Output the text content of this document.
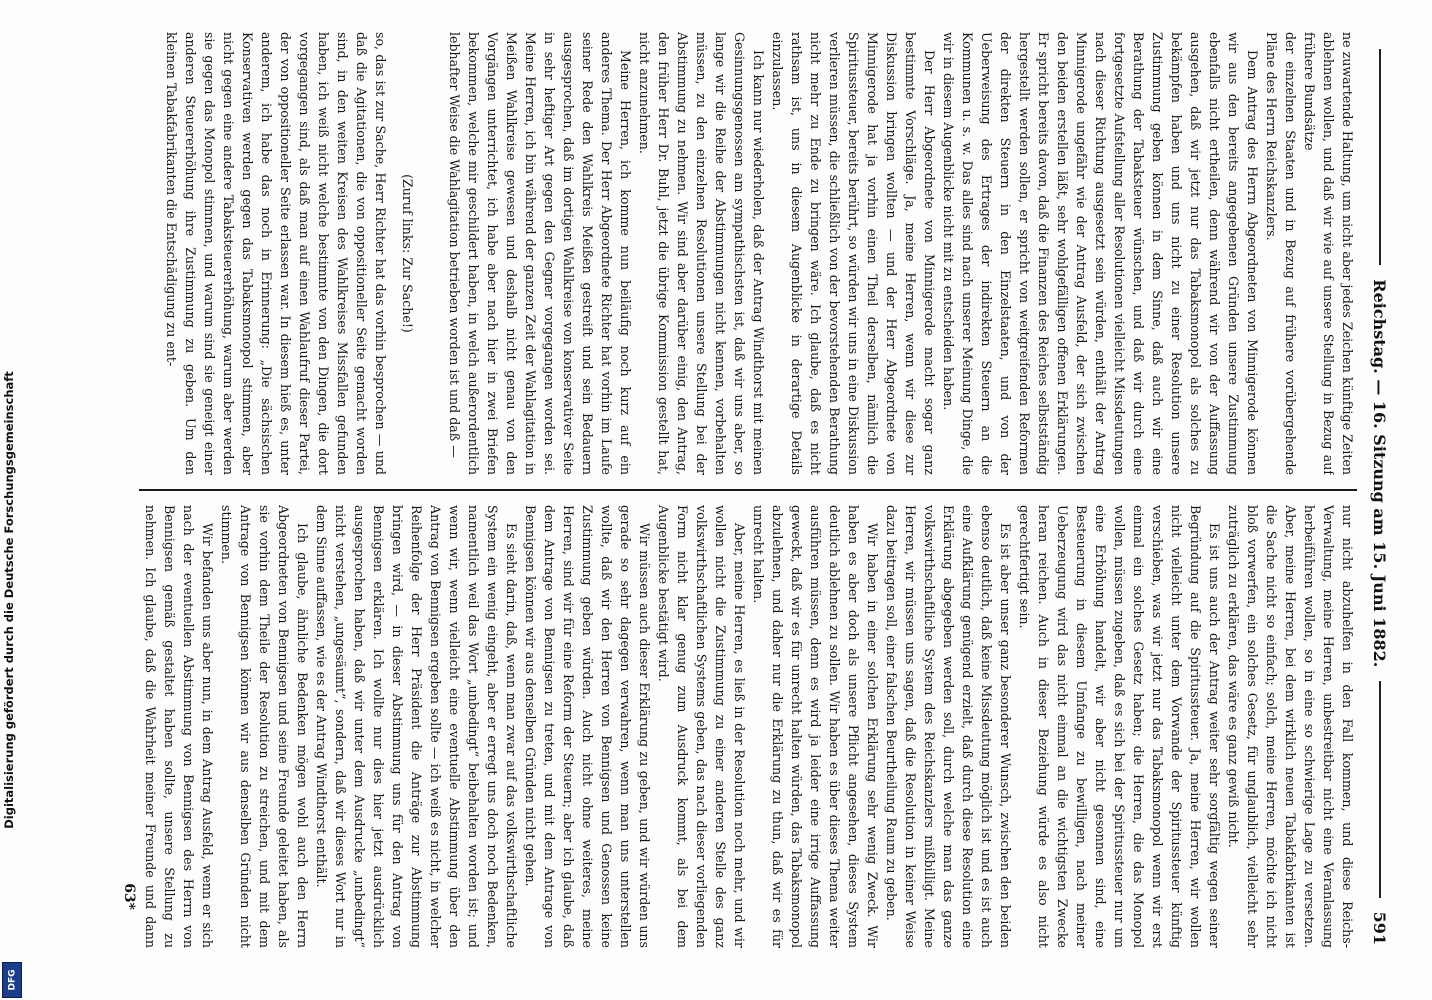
Reichstag. — 16. Sitzung am 15. Juni 1882.
591

ne zuwartende Haltung, um nicht aber jedes Zeichen künftige Zeiten ablehnen wollen, und daß wir wie auf unsere Stellung in Bezug auf frühere Bundsätze

der einzelnen Staaten und in Bezug auf frühere vorübergehende Pläne des Herrn Reichskanzlers.

Dem Antrag des Herrn Abgeordneten von Minnigerode können wir aus den bereits angegebenen Gründen unsere Zustimmung ebenfalls nicht ertheilen, denn während wir von der Auffassung ausgehen, daß wir jetzt nur das Tabaksmonopol als solches zu bekämpfen haben und uns nicht zu einer Resolution unsere Zustimmung geben können in dem Sinne, daß auch wir eine Berathung der Tabaksteuer wünschen, und daß wir durch eine fortgesetzte Aufstellung aller Resolutionen vielleicht Missdeutungen nach dieser Richtung ausgesetzt sein würden, enthält der Antrag Minnigerode ungefähr wie der Antrag Ausfeld, der sich zwischen den beiden erstellen läßt, sehr wohlgefälligen offenen Erklärungen. Er spricht bereits davon, daß die Finanzen des Reiches selbstständig hergestellt werden sollen, er spricht von weitgreifenden Reformen der direkten Steuern in den Einzelstaaten, und von der Ueberweisung des Ertrages der indirekten Steuern an die Kommunen u. s. w. Das alles sind nach unserer Meinung Dinge, die wir in diesem Augenblicke nicht mit zu entscheiden haben.

Der Herr Abgeordnete von Minnigerode macht sogar ganz bestimmte Vorschläge. Ja, meine Herren, wenn wir diese zur Diskussion bringen wollten — und der Herr Abgeordnete von Minnigerode hat ja vorhin einen Theil derselben, nämlich die Spiritussteuer, bereits berührt, so würden wir uns in eine Diskussion verlieren müssen, die schließlich von der bevorstehenden Berathung nicht mehr zu Ende zu bringen wäre. Ich glaube, daß es nicht rathsam ist, uns in diesem Augenblicke in derartige Details einzulassen.

Ich kann nur wiederholen, daß der Antrag Windthorst mit meinen Gesinnungsgenossen am sympathischsten ist, daß wir uns aber, so lange wir die Reihe der Abstimmungen nicht kennen, vorbehalten müssen, zu den einzelnen Resolutionen unsere Stellung bei der Abstimmung zu nehmen. Wir sind aber darüber einig, den Antrag, den früher Herr Dr. Buhl, jetzt die übrige Kommission gestellt hat, nicht anzunehmen.

Meine Herren, ich komme nun beiläufig noch kurz auf ein anderes Thema. Der Herr Abgeordnete Richter hat vorhin im Laufe seiner Rede den Wahlkreis Meißen gestreift und sein Bedauern ausgesprochen, daß im dortigen Wahlkreise von konservativer Seite in sehr heftiger Art gegen den Gegner vorgegangen worden sei. Meine Herren, ich bin während der ganzen Zeit der Wahlagitation in Meißen Wahlkreise gewesen und deshalb nicht genau von den Vorgängen unterrichtet, ich habe aber nach hier in zwei Briefen bekommen, welche mir geschildert haben, in welch außerordentlich lebhafter Weise die Wahlagitation betrieben worden ist und daß —

(Zuruf links: Zur Sache!)

so, das ist zur Sache, Herr Richter hat das vorhin besprochen — und daß die Agitationen, die von oppositioneller Seite gemacht worden sind, in den weiten Kreisen des Wahlkreises Missfallen gefunden haben, ich weiß nicht welche bestimmte von den Dingen, die dort vorgegangen sind, als daß man auf einen Wahlaufruf dieser Partei, der von oppositioneller Seite erlassen war. In diesem hieß es, unter anderem, ich habe das noch in Erinnerung: „Die sächsischen Konservativen werden gegen das Tabaksmonopol stimmen, aber nicht gegen eine andere Tabaksteuererhöhung, warum aber werden sie gegen das Monopol stimmen, und warum sind sie geneigt einer anderen Steuererhöhung ihre Zustimmung zu geben. Um den kleinen Tabakfabrikanten die Entschädigung zu ent-

nur nicht abzuhelfen in den Fall kommen, und diese Reichs-Verwaltung, meine Herren, unbestreitbar nicht eine Veranlassung herbeiführen wollen, so in eine so schwierige Lage zu versetzen. Aber, meine Herren, bei dem wirklich neuen Tabakfabrikanten ist die Sache nicht so einfach; solch, meine Herren, möchte ich nicht bloß vorwerfen, ein solches Gesetz, für unglaublich, vielleicht sehr zuträglich zu erklären, das wäre es ganz gewiß nicht.

Es ist uns auch der Antrag weiter sehr sorgfältig wegen seiner Begründung auf die Spiritussteuer. Ja, meine Herren, wir wollen nicht vielleicht unter dem Vorwande der Spiritussteuer künftig verschieben, was wir jetzt nur das Tabaksmonopol wenn wir erst einmal ein solches Gesetz haben; die Herren, die das Monopol wollen, müssen zugeben, daß es sich bei der Spiritussteuer nur um eine Erhöhung handelt, wir aber nicht gesonnen sind, eine Besteuerung in diesem Umfange zu bewilligen, nach meiner Ueberzeugung wird das nicht einmal an die wichtigsten Zwecke heran reichen. Auch in dieser Beziehung würde es also nicht gerechtfertigt sein.

Es ist aber unser ganz besonderer Wunsch, zwischen den beiden ebenso deutlich, daß keine Missdeutung möglich ist und es ist auch eine Aufklärung genügend erzielt, daß durch diese Resolution eine Erklärung abgegeben werden soll, durch welche man das ganze volkswirthschaftliche System des Reichskanzlers mißbilligt. Meine Herren, wir müssen uns sagen, daß die Resolution in keiner Weise dazu beitragen soll, einer falschen Beurtheilung Raum zu geben.

Wir haben in einer solchen Erklärung sehr wenig Zweck. Wir haben es aber doch als unsere Pflicht angesehen, dieses System deutlich ablehnen zu sollen. Wir haben es über dieses Thema weiter ausführen müssen, denn es wird ja leider eine irrige Auffassung geweckt, daß wir es für unrecht halten würden, das Tabaksmonopol abzulehnen, und daher nur die Erklärung zu thun, daß wir es für unrecht halten.

Aber, meine Herren, es ließ in der Resolution noch mehr, und wir wollen nicht die Zustimmung zu einer anderen Stelle des ganz volkswirthschaftlichen Systems geben, das nach dieser vorliegenden Form nicht klar genug zum Ausdruck kommt, als bei dem Augenblicke bestätigt wird.

Wir müssen auch dieser Erklärung zu geben, und wir würden uns gerade so sehr dagegen verwahren, wenn man uns unterstellen wollte, daß wir den Herren von Bennigsen und Genossen keine Zustimmung geben würden. Auch nicht ohne weiteres, meine Herren, sind wir für eine Reform der Steuern; aber ich glaube, daß dem Antrage von Bennigsen zu treten, und mit dem Antrage von Bennigsen können wir aus denselben Gründen nicht gehen.

Es sieht darin, daß, wenn man zwar auf das volkswirthschaftliche System ein wenig eingeht, aber er erregt uns doch noch Bedenken, namentlich weil das Wort „unbedingt“ beibehalten worden ist; und wenn wir, wenn vielleicht eine eventuelle Abstimmung über den Antrag von Bennigsen ergeben sollte — ich weiß es nicht, in welcher Reihenfolge der Herr Präsident die Anträge zur Abstimmung bringen wird, — in dieser Abstimmung uns für den Antrag von Bennigsen erklären. Ich wollte nur dies hier jetzt ausdrücklich ausgesprochen haben, daß wir unter dem Ausdrucke „unbedingt“ nicht verstehen, „ungesäumt“, sondern, daß wir dieses Wort nur in dem Sinne auffassen, wie es der Antrag Windthorst enthält.

Ich glaube, ähnliche Bedenken mögen wohl auch den Herrn Abgeordneten von Bennigsen und seine Freunde geleitet haben, als sie vorhin dem Theile der Resolution zu streichen, und mit dem Antrage von Bennigsen können wir aus denselben Gründen nicht stimmen.

Wir befanden uns aber nun, in dem Antrag Ausfeld, wenn er sich nach der eventuellen Abstimmung von Bennigsen des Herrn von Bennigsen gemäß gestaltet haben sollte, unsere Stellung zu nehmen. Ich glaube, daß die Wahrheit meiner Freunde und dann

63*
Digitalisierung gefördert durch die Deutsche Forschungsgemeinschaft
DFG
